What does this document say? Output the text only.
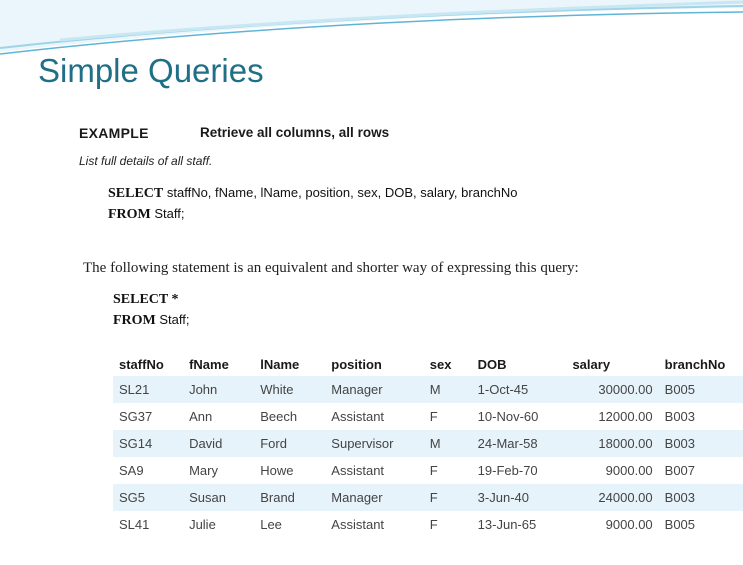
Simple Queries
EXAMPLE	Retrieve all columns, all rows
List full details of all staff.
SELECT staffNo, fName, lName, position, sex, DOB, salary, branchNo
FROM Staff;
The following statement is an equivalent and shorter way of expressing this query:
SELECT *
FROM Staff;
staffNo	fName	lName	position	sex	DOB	salary	branchNo
SL21	John	White	Manager	M	1-Oct-45	30000.00	B005
SG37	Ann	Beech	Assistant	F	10-Nov-60	12000.00	B003
SG14	David	Ford	Supervisor	M	24-Mar-58	18000.00	B003
SA9	Mary	Howe	Assistant	F	19-Feb-70	9000.00	B007
SG5	Susan	Brand	Manager	F	3-Jun-40	24000.00	B003
SL41	Julie	Lee	Assistant	F	13-Jun-65	9000.00	B005
